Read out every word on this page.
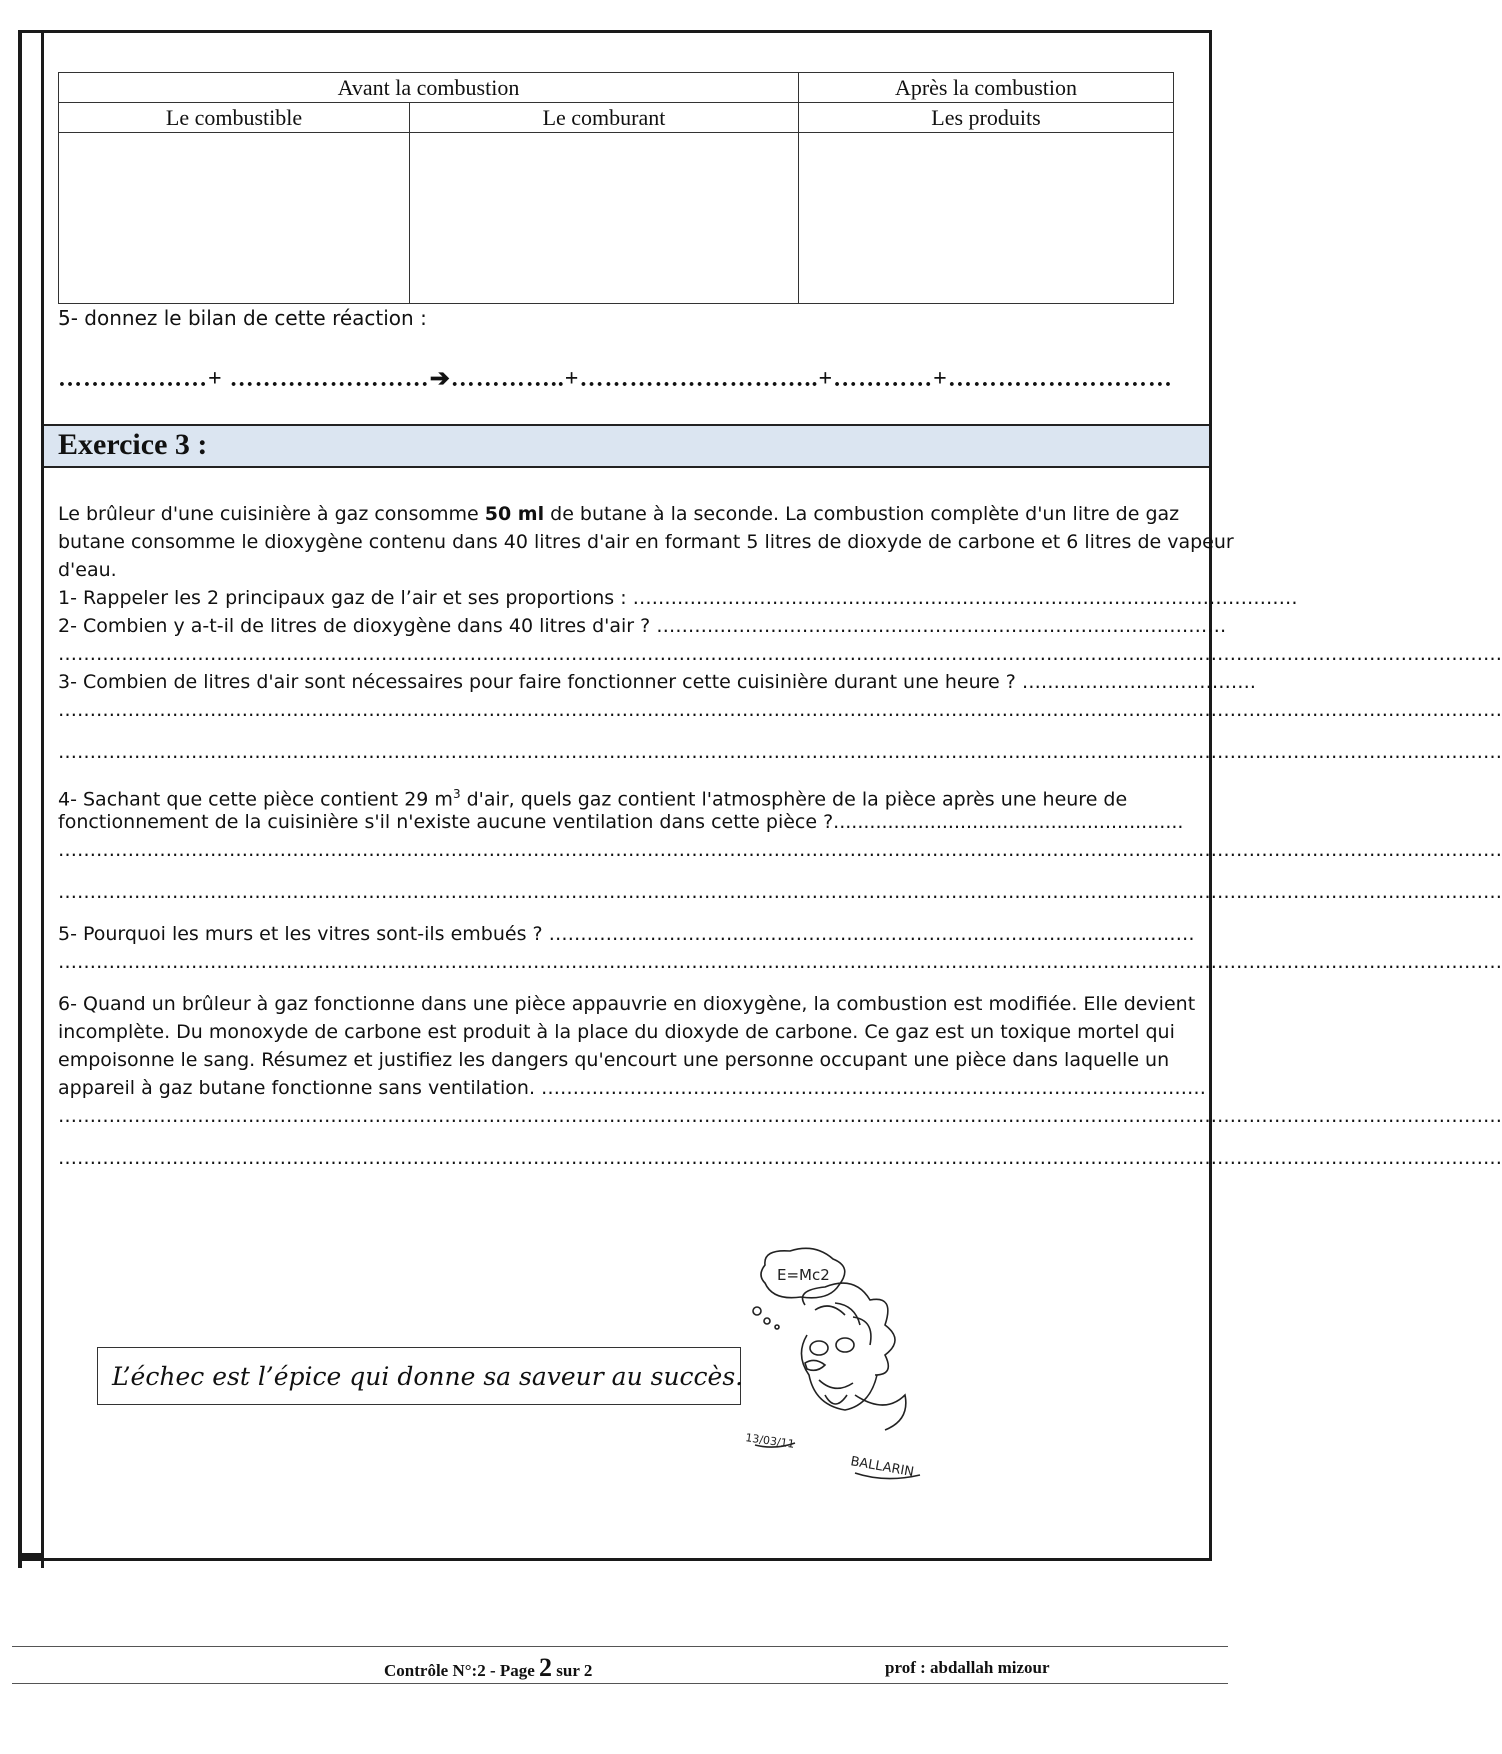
Avant la combustion		Après la combustion
Le combustible	Le comburant	Les produits

5- donnez le bilan de cette réaction :
………………+ ……………………➔…………..+………………………..+…………+………………………
Exercice 3 :
Le brûleur d'une cuisinière à gaz consomme 50 ml de butane à la seconde. La combustion complète d'un litre de gaz
butane consomme le dioxygène contenu dans 40 litres d'air en formant 5 litres de dioxyde de carbone et 6 litres de vapeur
d'eau.
1- Rappeler les 2 principaux gaz de l’air et ses proportions : ……………………………………………………………………………………………
2- Combien y a-t-il de litres de dioxygène dans 40 litres d'air ? ………………………………………………………………………………
…………………………………………………………………………………………………………………………………………………………………………………………………………
3- Combien de litres d'air sont nécessaires pour faire fonctionner cette cuisinière durant une heure ? ……………………………….
…………………………………………………………………………………………………………………………………………………………………………………………………………
…………………………………………………………………………………………………………………………………………………………………………………………………………
4- Sachant que cette pièce contient 29 $m^3$ d'air, quels gaz contient l'atmosphère de la pièce après une heure de
fonctionnement de la cuisinière s'il n'existe aucune ventilation dans cette pièce ?..........................................................
…………………………………………………………………………………………………………………………………………………………………………………………………………
…………………………………………………………………………………………………………………………………………………………………………………………………………
5- Pourquoi les murs et les vitres sont-ils embués ? …………………………………………………………………………………………
…………………………………………………………………………………………………………………………………………………………………………………………………………
6- Quand un brûleur à gaz fonctionne dans une pièce appauvrie en dioxygène, la combustion est modifiée. Elle devient
incomplète. Du monoxyde de carbone est produit à la place du dioxyde de carbone. Ce gaz est un toxique mortel qui
empoisonne le sang. Résumez et justifiez les dangers qu'encourt une personne occupant une pièce dans laquelle un
appareil à gaz butane fonctionne sans ventilation. ……………………………………………………………………………………………
…………………………………………………………………………………………………………………………………………………………………………………………………………
…………………………………………………………………………………………………………………………………………………………………………………………………………
L’échec est l’épice qui donne sa saveur au succès.
E=Mc2
13/03/11
BALLARIN
Contrôle N°:2 - Page 2 sur 2	prof : abdallah mizour
